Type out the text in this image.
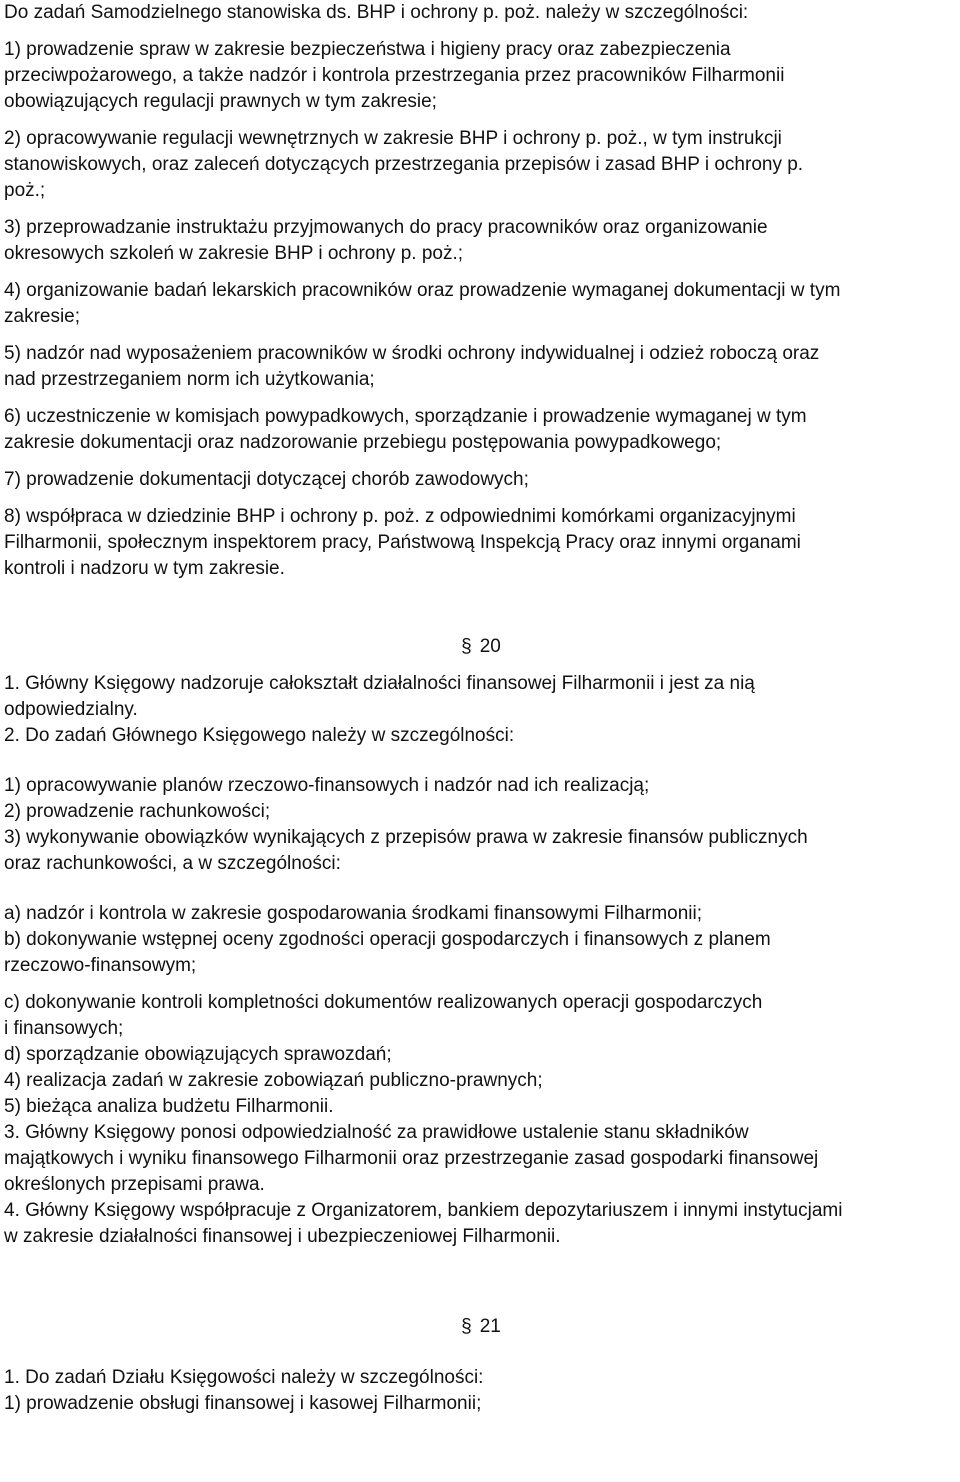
Do zadań Samodzielnego stanowiska ds. BHP i ochrony p. poż. należy w szczególności:

1) prowadzenie spraw w zakresie bezpieczeństwa i higieny pracy oraz zabezpieczenia

przeciwpożarowego, a także nadzór i kontrola przestrzegania przez pracowników Filharmonii

obowiązujących regulacji prawnych w tym zakresie;

2) opracowywanie regulacji wewnętrznych w zakresie BHP i ochrony p. poż., w tym instrukcji

stanowiskowych, oraz zaleceń dotyczących przestrzegania przepisów i zasad BHP i ochrony p.

poż.;

3) przeprowadzanie instruktażu przyjmowanych do pracy pracowników oraz organizowanie

okresowych szkoleń w zakresie BHP i ochrony p. poż.;

4) organizowanie badań lekarskich pracowników oraz prowadzenie wymaganej dokumentacji w tym

zakresie;

5) nadzór nad wyposażeniem pracowników w środki ochrony indywidualnej i odzież roboczą oraz

nad przestrzeganiem norm ich użytkowania;

6) uczestniczenie w komisjach powypadkowych, sporządzanie i prowadzenie wymaganej w tym

zakresie dokumentacji oraz nadzorowanie przebiegu postępowania powypadkowego;

7) prowadzenie dokumentacji dotyczącej chorób zawodowych;

8) współpraca w dziedzinie BHP i ochrony p. poż. z odpowiednimi komórkami organizacyjnymi

Filharmonii, społecznym inspektorem pracy, Państwową Inspekcją Pracy oraz innymi organami

kontroli i nadzoru w tym zakresie.

§ 20

1. Główny Księgowy nadzoruje całokształt działalności finansowej Filharmonii i jest za nią

odpowiedzialny.

2. Do zadań Głównego Księgowego należy w szczególności:

1) opracowywanie planów rzeczowo-finansowych i nadzór nad ich realizacją;

2) prowadzenie rachunkowości;

3) wykonywanie obowiązków wynikających z przepisów prawa w zakresie finansów publicznych

oraz rachunkowości, a w szczególności:

a) nadzór i kontrola w zakresie gospodarowania środkami finansowymi Filharmonii;

b) dokonywanie wstępnej oceny zgodności operacji gospodarczych i finansowych z planem

rzeczowo-finansowym;

c) dokonywanie kontroli kompletności dokumentów realizowanych operacji gospodarczych

i finansowych;

d) sporządzanie obowiązujących sprawozdań;

4) realizacja zadań w zakresie zobowiązań publiczno-prawnych;

5) bieżąca analiza budżetu Filharmonii.

3. Główny Księgowy ponosi odpowiedzialność za prawidłowe ustalenie stanu składników

majątkowych i wyniku finansowego Filharmonii oraz przestrzeganie zasad gospodarki finansowej

określonych przepisami prawa.

4. Główny Księgowy współpracuje z Organizatorem, bankiem depozytariuszem i innymi instytucjami

w zakresie działalności finansowej i ubezpieczeniowej Filharmonii.

§ 21

1. Do zadań Działu Księgowości należy w szczególności:

1) prowadzenie obsługi finansowej i kasowej Filharmonii;
